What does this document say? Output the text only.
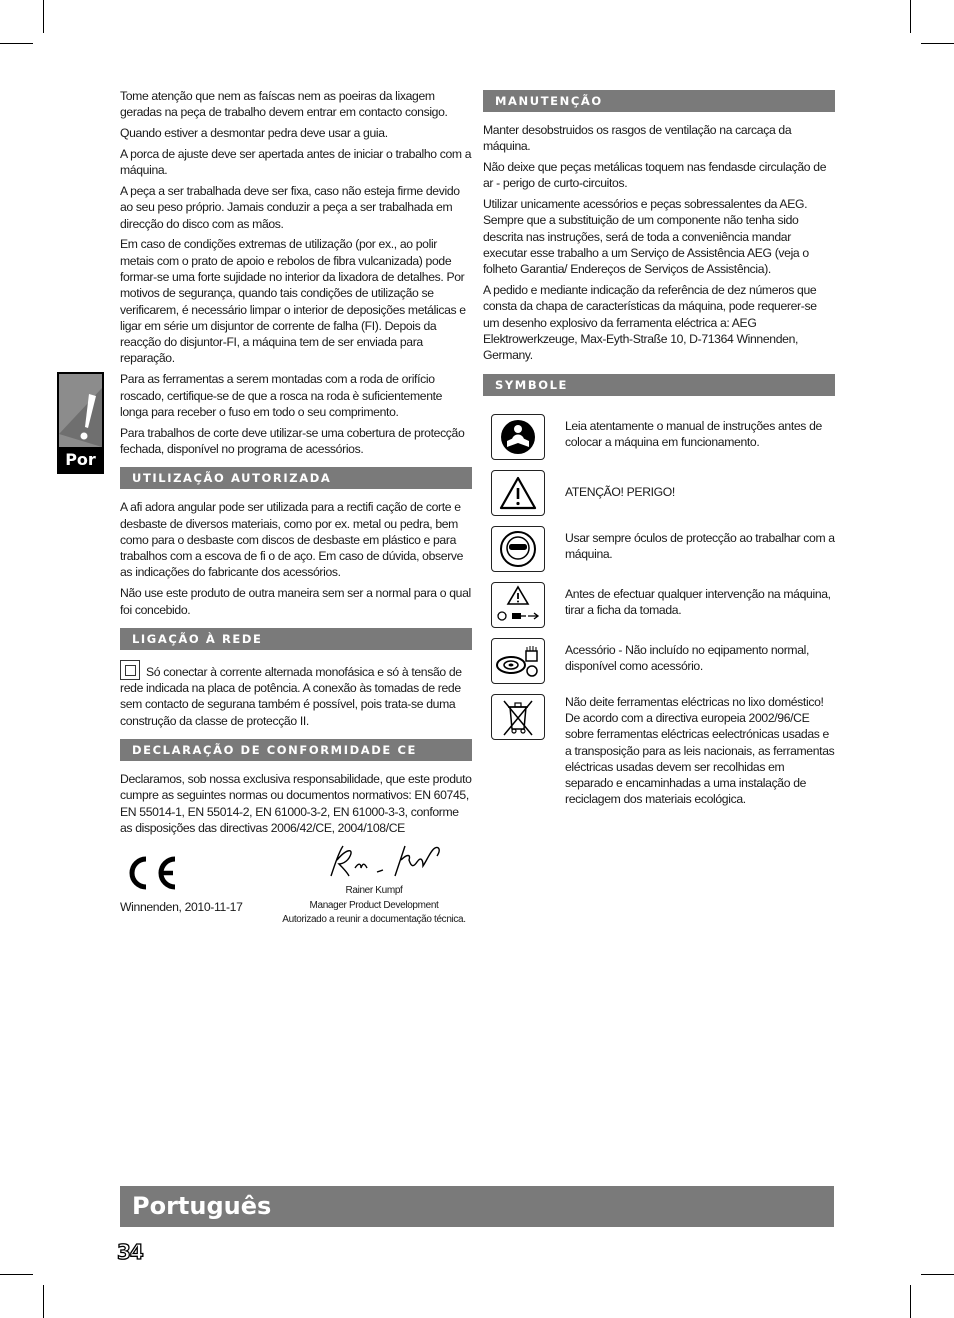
Por

Tome atenção que nem as faíscas nem as poeiras da lixagem geradas na peça de trabalho devem entrar em contacto consigo.

Quando estiver a desmontar pedra deve usar a guia.

A porca de ajuste deve ser apertada antes de iniciar o trabalho com a máquina.

A peça a ser trabalhada deve ser fixa, caso não esteja firme devido ao seu peso próprio. Jamais conduzir a peça a ser trabalhada em direcção do disco com as mãos.

Em caso de condições extremas de utilização (por ex., ao polir metais com o prato de apoio e rebolos de fibra vulcanizada) pode formar-se uma forte sujidade no interior da lixadora de detalhes. Por motivos de segurança, quando tais condições de utilização se verificarem, é necessário limpar o interior de deposições metálicas e ligar em série um disjuntor de corrente de falha (FI). Depois da reacção do disjuntor-FI, a máquina tem de ser enviada para reparação.

Para as ferramentas a serem montadas com a roda de orifício roscado, certifique-se de que a rosca na roda è suficientemente longa para receber o fuso em todo o seu comprimento.

Para trabalhos de corte deve utilizar-se uma cobertura de protecção fechada, disponível no programa de acessórios.

UTILIZAÇÃO AUTORIZADA

A afi adora angular pode ser utilizada para a rectifi cação de corte e desbaste de diversos materiais, como por ex. metal ou pedra, bem como para o desbaste com discos de desbaste em plástico e para trabalhos com a escova de fi o de aço. Em caso de dúvida, observe as indicações do fabricante dos acessórios.

Não use este produto de outra maneira sem ser a normal para o qual foi concebido.

LIGAÇÃO À REDE

Só conectar à corrente alternada monofásica e só à tensão de rede indicada na placa de potência. A conexão às tomadas de rede sem contacto de segurana também é possível, pois trata-se duma construção da classe de protecção II.

DECLARAÇÃO DE CONFORMIDADE CE

Declaramos, sob nossa exclusiva responsabilidade, que este produto cumpre as seguintes normas ou documentos normativos: EN 60745, EN 55014-1, EN 55014-2, EN 61000-3-2, EN 61000-3-3, conforme as disposições das directivas 2006/42/CE, 2004/108/CE

Winnenden, 2010-11-17
Rainer Kumpf
Manager Product Development
Autorizado a reunir a documentação técnica.
MANUTENÇÃO

Manter desobstruidos os rasgos de ventilação na carcaça da máquina.

Não deixe que peças metálicas toquem nas fendasde circulação de ar - perigo de curto-circuitos.

Utilizar unicamente acessórios e peças sobressalentes da AEG. Sempre que a substituição de um componente não tenha sido descrita nas instruções, será de toda a conveniência mandar executar esse trabalho a um Serviço de Assistência AEG (veja o folheto Garantia/ Endereços de Serviços de Assistência).

A pedido e mediante indicação da referência de dez números que consta da chapa de características da máquina, pode requerer-se um desenho explosivo da ferramenta eléctrica a: AEG Elektrowerkzeuge, Max-Eyth-Straße 10, D-71364 Winnenden, Germany.

SYMBOLE
Leia atentamente o manual de instruções antes de colocar a máquina em funcionamento.
ATENÇÃO! PERIGO!
Usar sempre óculos de protecção ao trabalhar com a máquina.
Antes de efectuar qualquer intervenção na máquina, tirar a ficha da tomada.
Acessório - Não incluído no eqipamento normal, disponível como acessório.
Não deite ferramentas eléctricas no lixo doméstico! De acordo com a directiva europeia 2002/96/CE sobre ferramentas eléctricas eelectrónicas usadas e a transposição para as leis nacionais, as ferramentas eléctricas usadas devem ser recolhidas em separado e encaminhadas a uma instalação de reciclagem dos materiais ecológica.
Português
34
